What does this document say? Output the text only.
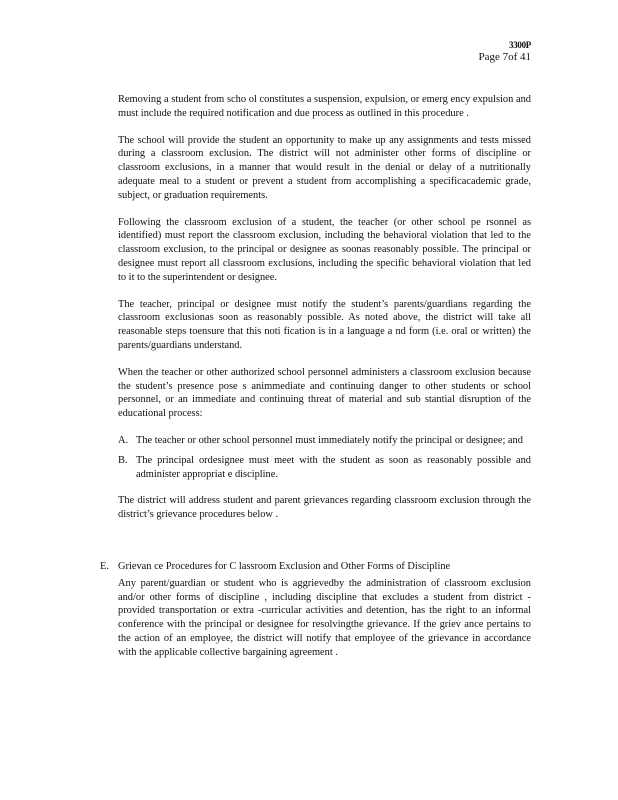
3300P
Page 7of 41

Removing a student from scho ol constitutes a suspension, expulsion, or emerg ency expulsion and must include the required notification and due process as outlined in this procedure .

The school will provide the student an opportunity to make up any assignments and tests missed during a classroom exclusion. The district will not administer other forms of discipline or classroom exclusions, in a manner that would result in the denial or delay of a nutritionally adequate meal to a student or prevent a student from accomplishing a specificacademic grade, subject, or graduation requirements.

Following the classroom exclusion of a student, the teacher (or other school pe rsonnel as identified) must report the classroom exclusion, including the behavioral violation that led to the classroom exclusion, to the principal or designee as soonas reasonably possible. The principal or designee must report all classroom exclusions, including the specific behavioral violation that led to it to the superintendent or designee.

The teacher, principal or designee must notify the student’s parents/guardians regarding the classroom exclusionas soon as reasonably possible. As noted above, the district will take all reasonable steps toensure that this noti fication is in a language a nd form (i.e. oral or written) the parents/guardians understand.

When the teacher or other authorized school personnel administers a classroom exclusion because the student’s presence pose s animmediate and continuing danger to other students or school personnel, or an immediate and continuing threat of material and sub stantial disruption of the educational process:

A. The teacher or other school personnel must immediately notify the principal or designee; and
B. The principal ordesignee must meet with the student as soon as reasonably possible and administer appropriat e discipline.

The district will address student and parent grievances regarding classroom exclusion through the district’s grievance procedures below .

E. Grievan ce Procedures for C lassroom Exclusion and Other Forms of Discipline
Any parent/guardian or student who is aggrievedby the administration of classroom exclusion and/or other forms of discipline , including discipline that excludes a student from district -provided transportation or extra -curricular activities and detention, has the right to an informal conference with the principal or designee for resolvingthe grievance. If the griev ance pertains to the action of an employee, the district will notify that employee of the grievance in accordance with the applicable collective bargaining agreement .
